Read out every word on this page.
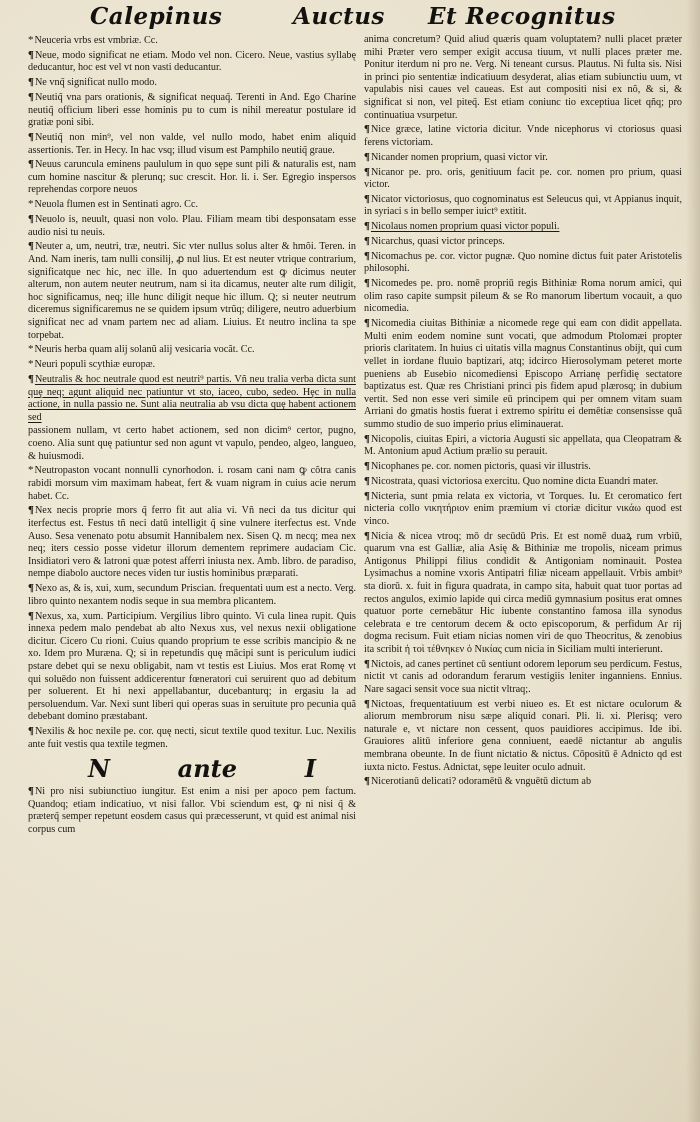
Calepinus	Auctus Et Recognitus

*Neuceria vrbs est vmbriæ. Cc.

¶Neue, modo significat ne etiam. Modo vel non. Cicero. Neue, vastius syllabę deducantur, hoc est vel vt non vasti deducantur.

¶Ne vnq̃ significat nullo modo.

¶Neutiq̃ vna pars orationis, & significat nequaq̃. Terenti in And. Ego Charine neutiq̃ officium liberi esse hominis pu to cum is nihil mereatur postulare id gratiæ poni sibi.

¶Neutiq̃ non min⁹, vel non valde, vel nullo modo, habet enim aliquid assertionis. Ter. in Hecy. In hac vsq; illud visum est Pamphilo neutiq̃ graue.

¶Neuus caruncula eminens paululum in quo sępe sunt pili & naturalis est, nam cum homine nascitur & plerunq; suc crescit. Hor. li. i. Ser. Egregio inspersos reprehendas corpore neuos

*Neuola flumen est in Sentinati agro. Cc.

¶Neuolo is, neuult, quasi non volo. Plau. Filiam meam tibi desponsatam esse audio nisi tu neuis.

¶Neuter a, um, neutri, træ, neutri. Sic vter nullus solus alter & hmõi. Teren. in And. Nam ineris, tam nulli consilij, ꝓ nul lius. Et est neuter vtrique contrarium, significatque nec hic, nec ille. In quo aduertendum est ꝙ dicimus neuter alterum, non autem neuter neutrum, nam si ita dicamus, neuter alte rum diligit, hoc significamus, neq; ille hunc diligit neque hic illum. Q; si neuter neutrum diceremus significaremus ne se quidem ipsum vtrũq; diligere, neutro aduerbium significat nec ad vnam partem nec ad aliam. Liuius. Et neutro inclina ta spe torpebat.

*Neuris herba quam alij solanũ alij vesicaria vocãt. Cc.

*Neuri populi scythiæ europæ.

¶Neutralis & hoc neutrale quod est neutri⁹ partis. Vñ neu tralia verba dicta sunt quę neq; agunt aliquid nec patiuntur vt sto, iaceo, cubo, sedeo. Hęc in nulla actione, in nulla passio ne. Sunt alia neutralia ab vsu dicta quę habent actionem sed

passionem nullam, vt certo habet actionem, sed non dicim⁹ certor, pugno, coeno. Alia sunt quę patiuntur sed non agunt vt vapulo, pendeo, algeo, langueo, & huiusmodi.

*Neutropaston vocant nonnulli cynorhodon. i. rosam cani nam ꝙ cõtra canis rabidi morsum vim maximam habeat, fert & vuam nigram in cuius acie nerum habet. Cc.

¶Nex necis proprie mors q̃ ferro fit aut alia vi. Vñ neci da tus dicitur qui iterfectus est. Festus tñ neci datū intelligit q̃ sine vulnere iterfectus est. Vnde Auso. Sesa venenato potu absumit Hannibalem nex. Sisen Q. m necq; mea nex neq; iters cessio posse videtur illorum dementem reprimere audaciam Cic. Insidiatori vero & latroni quæ potest afferri iniusta nex. Amb. libro. de paradiso, nempe diabolo auctore neces viden tur iustis hominibus præparati.

¶Nexo as, & is, xui, xum, secundum Priscian. frequentati uum est a necto. Verg. libro quinto nexantem nodis seque in sua membra plicantem.

¶Nexus, xa, xum. Participium. Vergilius libro quinto. Vi cula linea rupit. Quis innexa pedem malo pendebat ab alto Nexus xus, vel nexus nexii obligatione dicitur. Cicero Cu rioni. Cuius quando proprium te esse scribis mancipio & ne xo. Idem pro Muræna. Q; si in repetundis quę mācipi sunt is periculum iudici pstare debet qui se nexu obligabit, nam vt testis est Liuius. Mos erat Romę vt qui soluēdo non fuissent addicerentur fœneratori cui seruirent quo ad debitum per soluerent. Et hi nexi appellabantur, ducebanturq; in ergasiu la ad persoluendum. Var. Nexi sunt liberi qui operas suas in seruitute pro pecunia quã debebant domino præstabant.

¶Nexilis & hoc nexile pe. cor. quę necti, sicut textile quod texitur. Luc. Nexilis ante fuit vestis qua textile tegmen.

N	ante	I

¶Ni pro nisi subiunctiuo iungitur. Est enim a nisi per apoco pem factum. Quandoq; etiam indicatiuo, vt nisi fallor. Vbi sciendum est, ꝙ ni nisi q̃ & præterq̃ semper repetunt eosdem casus qui præcesserunt, vt quid est animal nisi corpus cum

anima concretum? Quid aliud quæris quam voluptatem? nulli placet præter mihi Præter vero semper exigit accusa tiuum, vt nulli places præter me. Ponitur iterdum ni pro ne. Verg. Ni teneant cursus. Plautus. Ni fulta sis. Nisi in princi pio sententiæ indicatiuum desyderat, alias etiam subiunctiu uum, vt vapulabis nisi caues vel caueas. Est aut compositi nisi ex nõ, & si, & significat si non, vel piteq̃. Est etiam coniunc tio exceptiua licet qñq; pro continuatiua vsurpetur.

¶Nice græce, latine victoria dicitur. Vnde nicephorus vi ctoriosus quasi ferens victoriam.

¶Nicander nomen proprium, quasi victor vir.

¶Nicanor pe. pro. oris, genitiuum facit pe. cor. nomen pro prium, quasi victor.

¶Nicator victoriosus, quo cognominatus est Seleucus qui, vt Appianus inquit, in syriaci s in bello semper iuict⁹ extitit.

¶Nicolaus nomen proprium quasi victor populi.

¶Nicarchus, quasi victor princeps.

¶Nicomachus pe. cor. victor pugnæ. Quo nomine dictus fuit pater Aristotelis philosophi.

¶Nicomedes pe. pro. nomē propriū regis Bithiniæ Roma norum amici, qui olim raso capite sumpsit pileum & se Ro manorum libertum vocauit, a quo nicomedia.

¶Nicomedia ciuitas Bithiniæ a nicomede rege qui eam con didit appellata. Multi enim eodem nomine sunt vocati, que admodum Ptolomæi propter prioris claritatem. In huius ci uitatis villa magnus Constantinus obijt, qui cum vellet in iordane fluuio baptizari, atq; idcirco Hierosolymam peteret morte pueniens ab Eusebio nicomediensi Episcopo Arrianę perfidię sectatore baptizatus est. Quæ res Christiani princi pis fidem apud plærosq; in dubium vertit. Sed non esse veri simile eū principem qui per omnem vitam suam Arriani do gmatis hostis fuerat i extremo spiritu ei demētiæ consensisse quã summo studio de suo imperio prius eliminauerat.

¶Nicopolis, ciuitas Epiri, a victoria Augusti sic appellata, qua Cleopatram & M. Antonium apud Actium prælio su perauit.

¶Nicophanes pe. cor. nomen pictoris, quasi vir illustris.

¶Nicostrata, quasi victoriosa exercitu. Quo nomine dicta Euandri mater.

¶Nicteria, sunt pmia relata ex victoria, vt Torques. Iu. Et ceromatico fert nicteria collo νικητήριον enim præmium vi ctoriæ dicitur νικάω quod est vinco.

¶Nicia & nicea vtroq; mō dr secūdū Pris. Et est nomē duaꝝ rum vrbiū, quarum vna est Galliæ, alia Asię & Bithiniæ me tropolis, niceam primus Antigonus Philippi filius condidit & Antigoniam nominauit. Postea Lysimachus a nomine vxoris Antipatri filiæ niceam appellauit. Vrbis ambit⁹ sta diorū. x. fuit in figura quadrata, in campo sita, habuit quat tuor portas ad rectos angulos, eximio lapide qui circa mediū gymnasium positus erat omnes quatuor porte cernebātur Hic iubente constantino famosa illa synodus celebrata e tre centorum decem & octo episcoporum, & perfidum Ar rij dogma recisum. Fuit etiam nicias nomen viri de quo Theocritus, & zenobius ita scribit ἡ τοὶ τέθνηκεν ὁ Νικίας cum nicia in Siciliam multi interierunt.

¶Nictois, ad canes pertinet cū sentiunt odorem leporum seu perdicum. Festus, nictit vt canis ad odorandum ferarum vestigiis leniter inganniens. Ennius. Nare sagaci sensit voce sua nictit vltraq;.

¶Nictoas, frequentatiuum est verbi niueo es. Et est nictare oculorum & aliorum membrorum nisu sæpe aliquid conari. Pli. li. xi. Plerisq; vero naturale e, vt nictare non cessent, quos pauidiores accipimus. Ide ibi. Grauiores alitū inferiore gena conniuent, eaedē nictantur ab angulis membrana obeunte. In de fiunt nictatio & nictus. Cōpositū ē Adnicto qd est iuxta nicto. Festus. Adnictat, sępe leuiter oculo adnuit.

¶Nicerotianū delicati? odoramētū & vnguētū dictum ab
